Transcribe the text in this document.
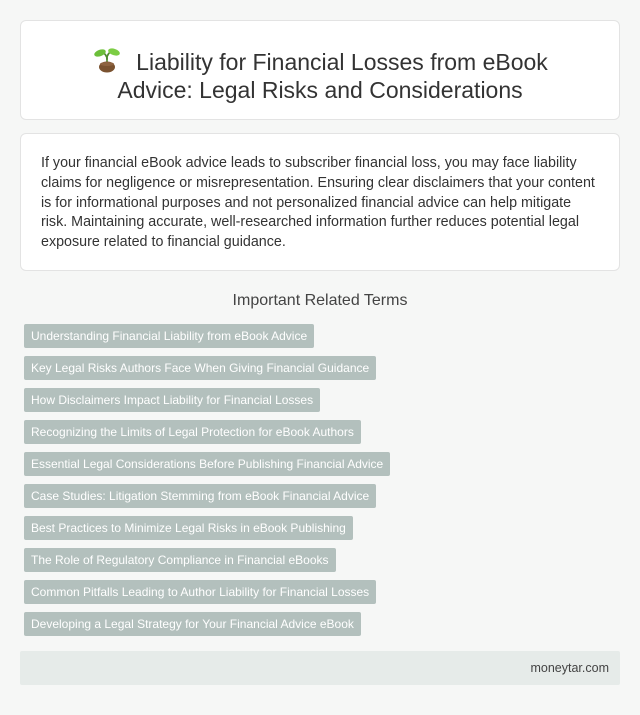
Liability for Financial Losses from eBook
Advice: Legal Risks and Considerations

If your financial eBook advice leads to subscriber financial loss, you may face liability claims for negligence or misrepresentation. Ensuring clear disclaimers that your content is for informational purposes and not personalized financial advice can help mitigate risk. Maintaining accurate, well-researched information further reduces potential legal exposure related to financial guidance.

Important Related Terms
Understanding Financial Liability from eBook Advice
Key Legal Risks Authors Face When Giving Financial Guidance
How Disclaimers Impact Liability for Financial Losses
Recognizing the Limits of Legal Protection for eBook Authors
Essential Legal Considerations Before Publishing Financial Advice
Case Studies: Litigation Stemming from eBook Financial Advice
Best Practices to Minimize Legal Risks in eBook Publishing
The Role of Regulatory Compliance in Financial eBooks
Common Pitfalls Leading to Author Liability for Financial Losses
Developing a Legal Strategy for Your Financial Advice eBook
moneytar.com
